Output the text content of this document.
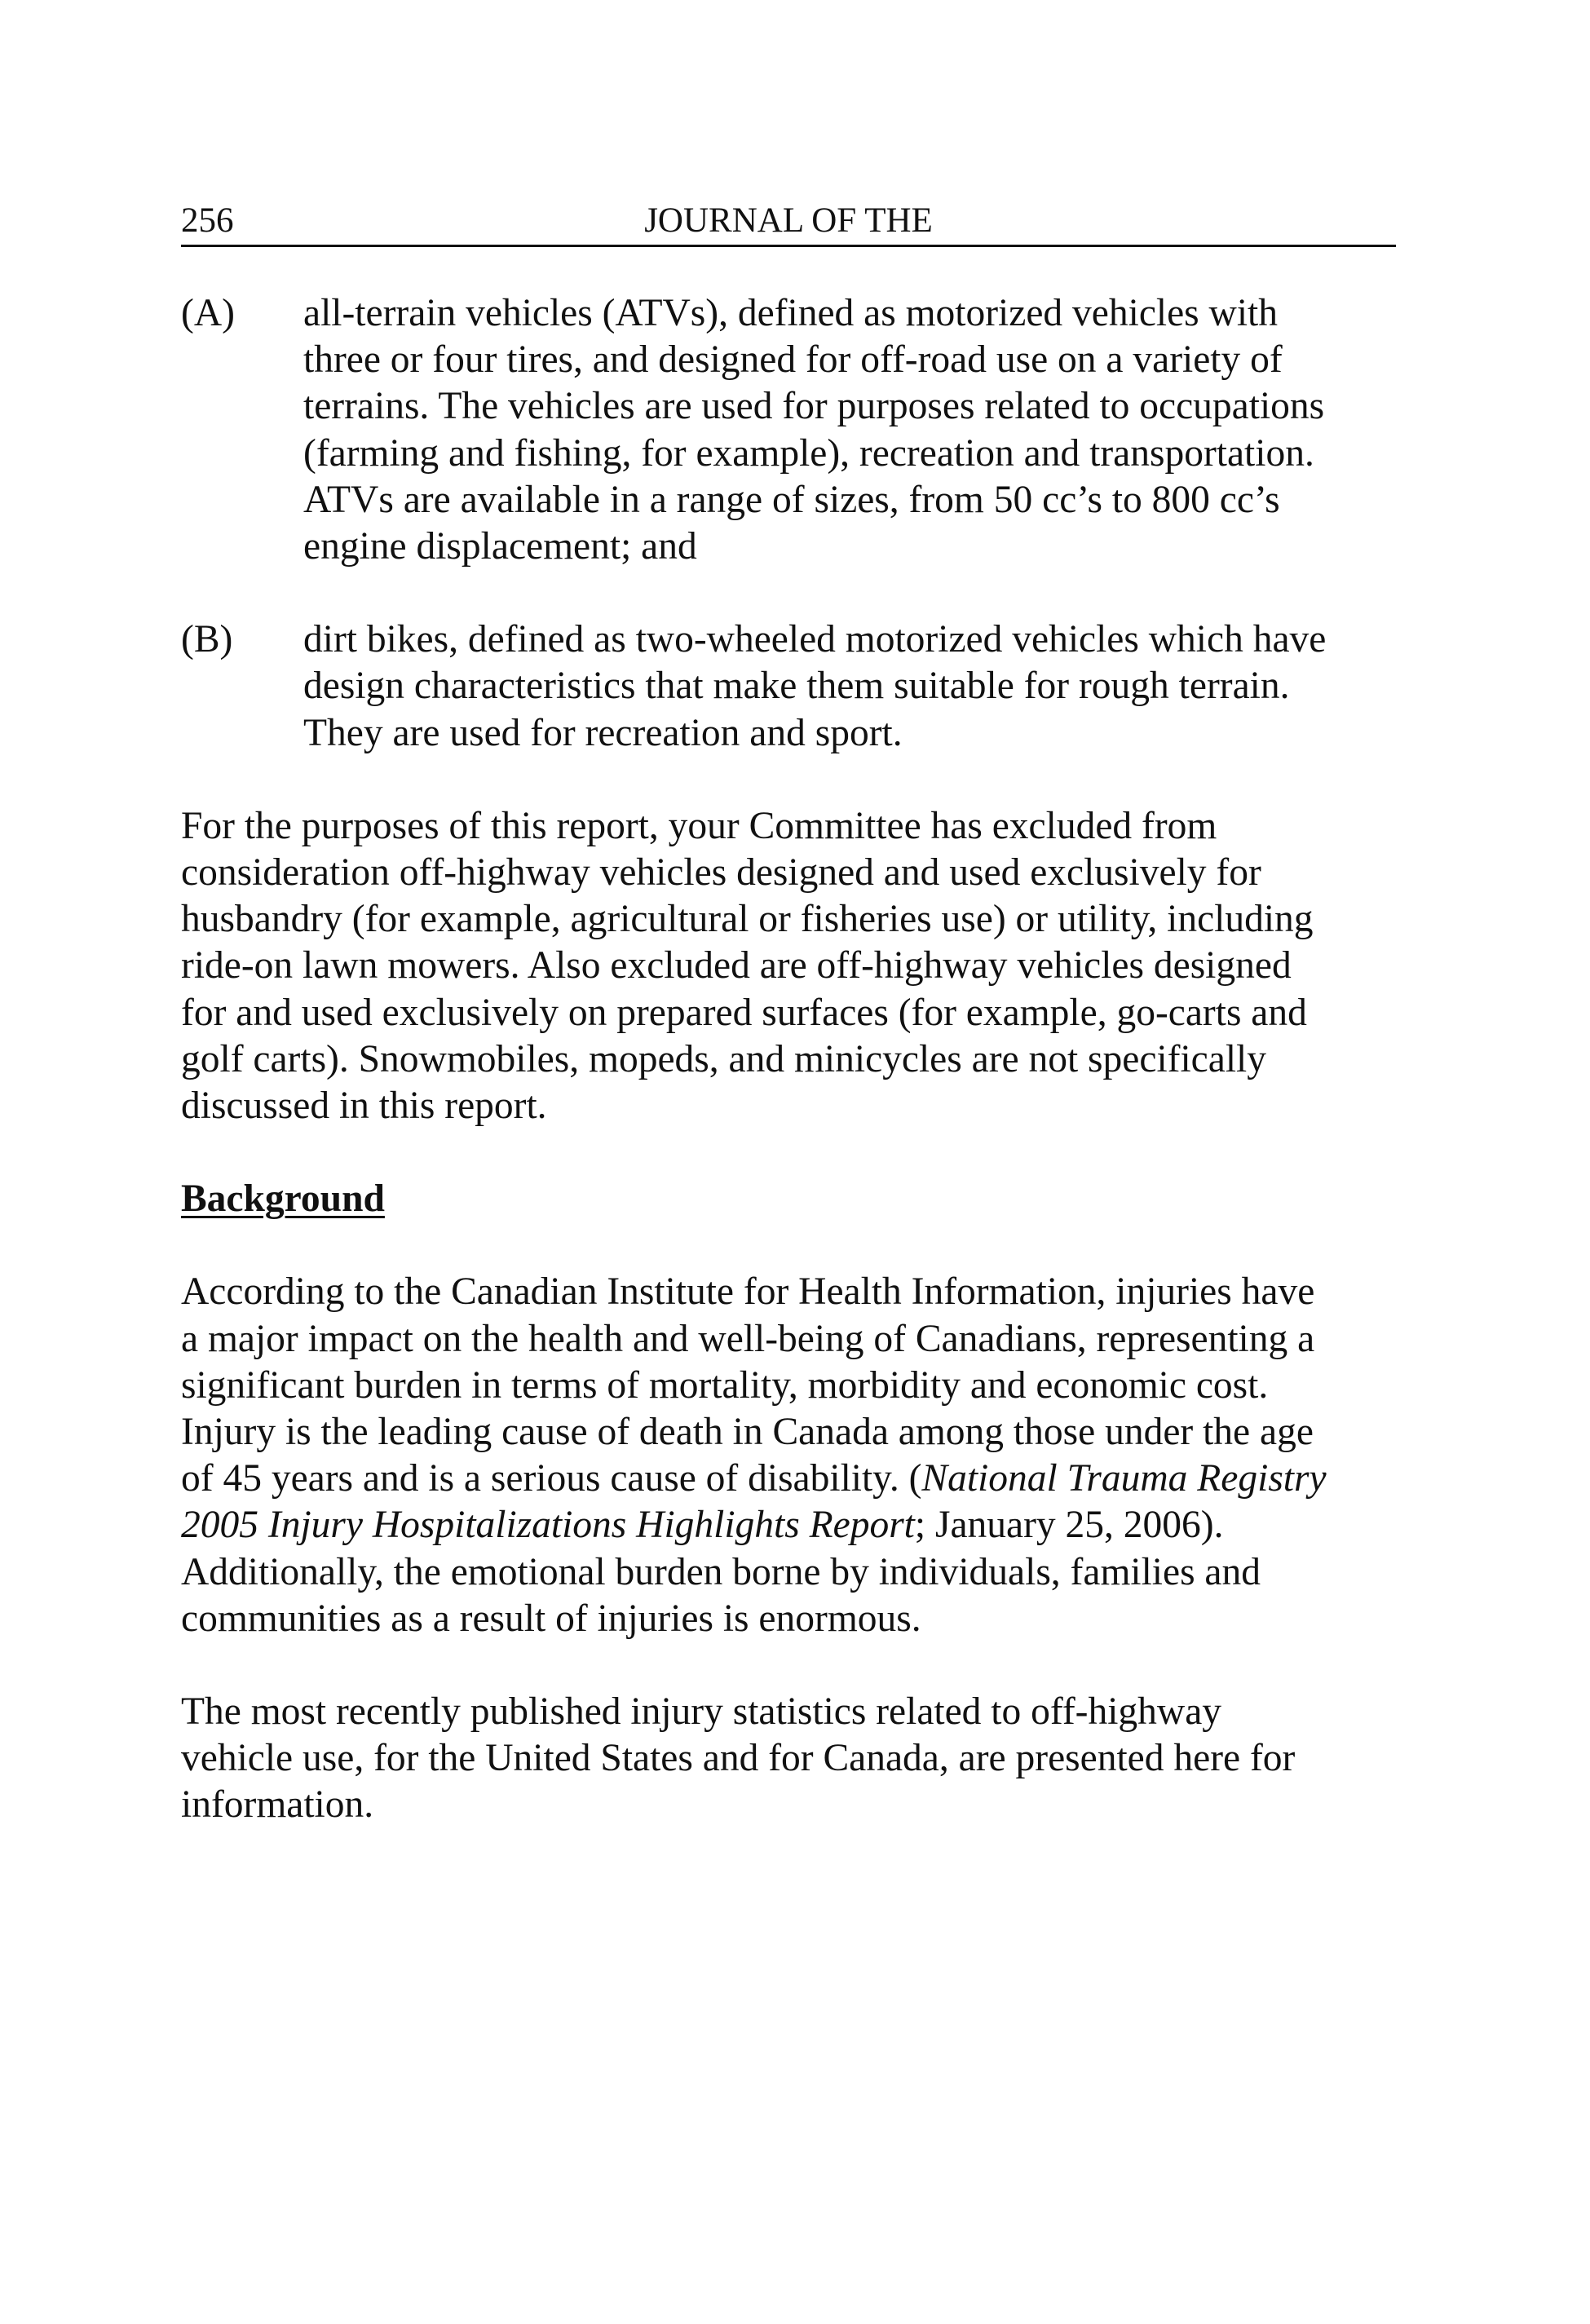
256	JOURNAL OF THE
(A) all-terrain vehicles (ATVs), defined as motorized vehicles with
three or four tires, and designed for off-road use on a variety of
terrains. The vehicles are used for purposes related to occupations
(farming and fishing, for example), recreation and transportation.
ATVs are available in a range of sizes, from 50 cc’s to 800 cc’s
engine displacement; and
(B) dirt bikes, defined as two-wheeled motorized vehicles which have
design characteristics that make them suitable for rough terrain.
They are used for recreation and sport.

For the purposes of this report, your Committee has excluded from
consideration off-highway vehicles designed and used exclusively for
husbandry (for example, agricultural or fisheries use) or utility, including
ride-on lawn mowers. Also excluded are off-highway vehicles designed
for and used exclusively on prepared surfaces (for example, go-carts and
golf carts). Snowmobiles, mopeds, and minicycles are not specifically
discussed in this report.

Background

According to the Canadian Institute for Health Information, injuries have
a major impact on the health and well-being of Canadians, representing a
significant burden in terms of mortality, morbidity and economic cost.
Injury is the leading cause of death in Canada among those under the age
of 45 years and is a serious cause of disability. (National Trauma Registry
2005 Injury Hospitalizations Highlights Report; January 25, 2006).
Additionally, the emotional burden borne by individuals, families and
communities as a result of injuries is enormous.

The most recently published injury statistics related to off-highway
vehicle use, for the United States and for Canada, are presented here for
information.
